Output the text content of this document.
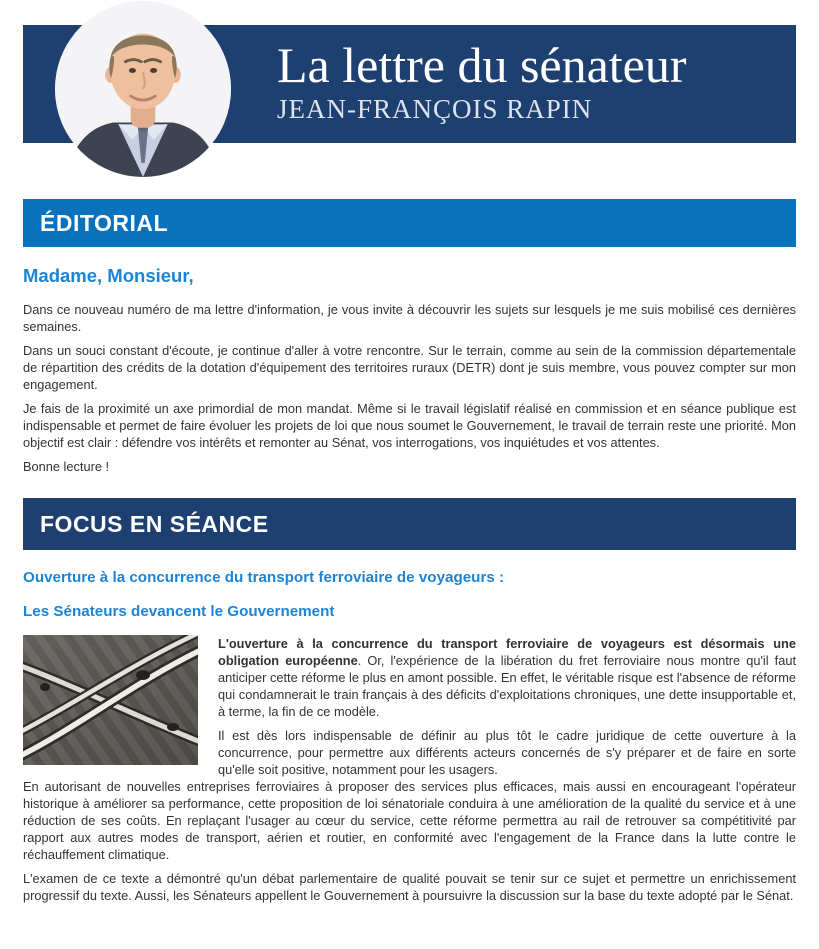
La lettre du sénateur
JEAN-FRANÇOIS RAPIN
ÉDITORIAL
Madame, Monsieur,

Dans ce nouveau numéro de ma lettre d'information, je vous invite à découvrir les sujets sur lesquels je me suis mobilisé ces dernières semaines.

Dans un souci constant d'écoute, je continue d'aller à votre rencontre. Sur le terrain, comme au sein de la commission départementale de répartition des crédits de la dotation d'équipement des territoires ruraux (DETR) dont je suis membre, vous pouvez compter sur mon engagement.

Je fais de la proximité un axe primordial de mon mandat. Même si le travail législatif réalisé en commission et en séance publique est indispensable et permet de faire évoluer les projets de loi que nous soumet le Gouvernement, le travail de terrain reste une priorité. Mon objectif est clair : défendre vos intérêts et remonter au Sénat, vos interrogations, vos inquiétudes et vos attentes.

Bonne lecture !

FOCUS EN SÉANCE
Ouverture à la concurrence du transport ferroviaire de voyageurs :
Les Sénateurs devancent le Gouvernement

L'ouverture à la concurrence du transport ferroviaire de voyageurs est désormais une obligation européenne. Or, l'expérience de la libération du fret ferroviaire nous montre qu'il faut anticiper cette réforme le plus en amont possible. En effet, le véritable risque est l'absence de réforme qui condamnerait le train français à des déficits d'exploitations chroniques, une dette insupportable et, à terme, la fin de ce modèle.

Il est dès lors indispensable de définir au plus tôt le cadre juridique de cette ouverture à la concurrence, pour permettre aux différents acteurs concernés de s'y préparer et de faire en sorte qu'elle soit positive, notamment pour les usagers.

En autorisant de nouvelles entreprises ferroviaires à proposer des services plus efficaces, mais aussi en encourageant l'opérateur historique à améliorer sa performance, cette proposition de loi sénatoriale conduira à une amélioration de la qualité du service et à une réduction de ses coûts. En replaçant l'usager au cœur du service, cette réforme permettra au rail de retrouver sa compétitivité par rapport aux autres modes de transport, aérien et routier, en conformité avec l'engagement de la France dans la lutte contre le réchauffement climatique.

L'examen de ce texte a démontré qu'un débat parlementaire de qualité pouvait se tenir sur ce sujet et permettre un enrichissement progressif du texte. Aussi, les Sénateurs appellent le Gouvernement à poursuivre la discussion sur la base du texte adopté par le Sénat.
